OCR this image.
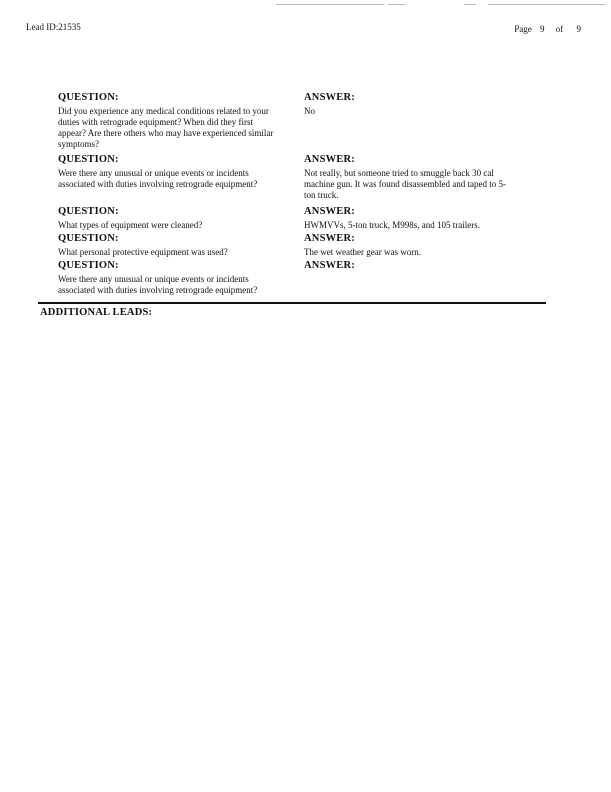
Lead ID:21535	Page 9 of 9
QUESTION:
Did you experience any medical conditions related to your duties with retrograde equipment? When did they first appear? Are there others who may have experienced similar symptoms?
ANSWER:
No
QUESTION:
Were there any unusual or unique events or incidents associated with duties involving retrograde equipment?
ANSWER:
Not really, but someone tried to smuggle back 30 cal machine gun. It was found disassembled and taped to 5-ton truck.
QUESTION:
What types of equipment were cleaned?
ANSWER:
HWMVVs, 5-ton truck, M998s, and 105 trailers.
QUESTION:
What personal protective equipment was used?
ANSWER:
The wet weather gear was worn.
QUESTION:
Were there any unusual or unique events or incidents associated with duties involving retrograde equipment?
ANSWER:
ADDITIONAL LEADS:
